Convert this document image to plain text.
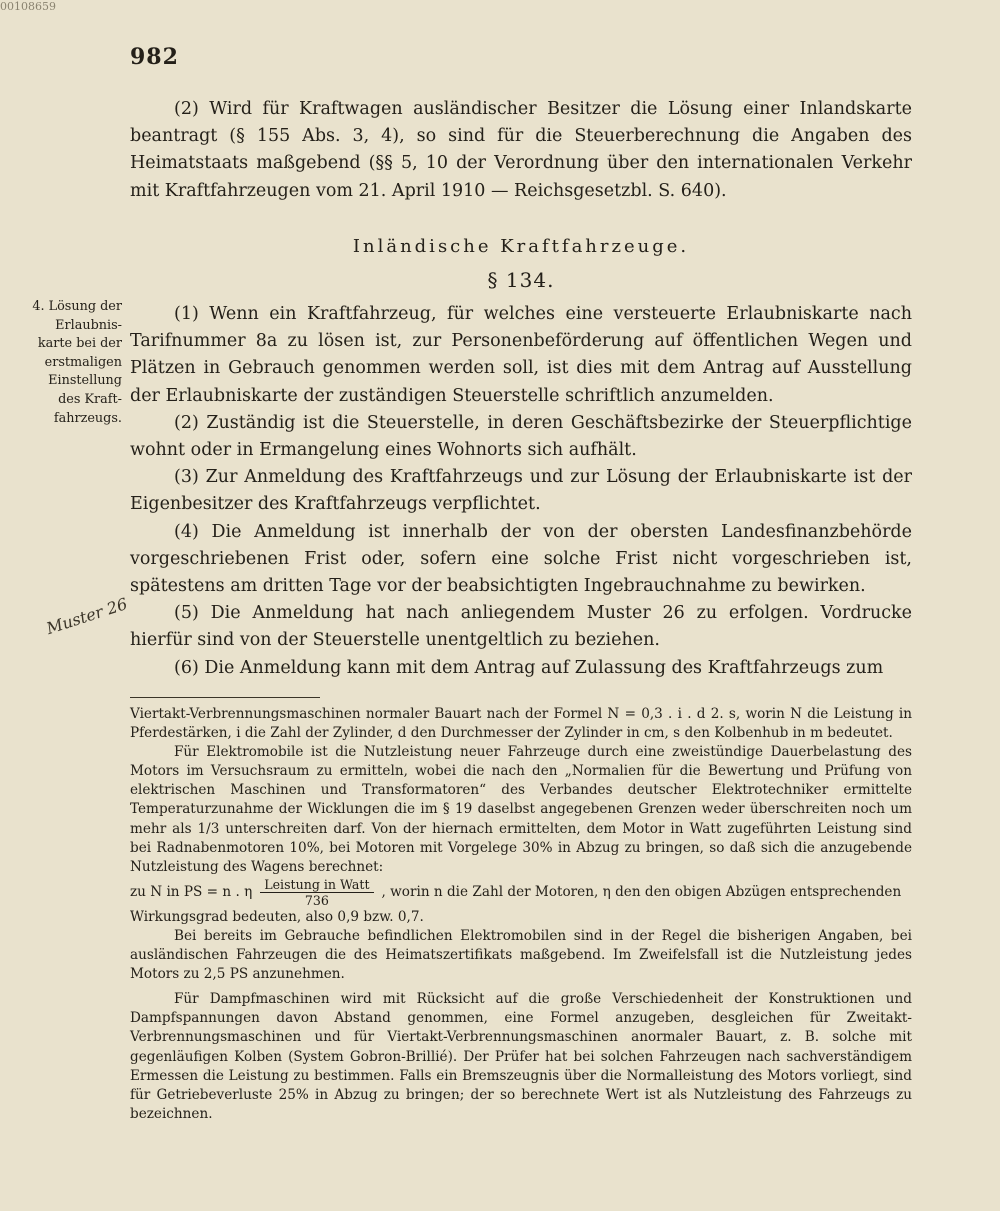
00108659
982

(2) Wird für Kraftwagen ausländischer Besitzer die Lösung einer Inlandskarte beantragt (§ 155 Abs. 3, 4), so sind für die Steuerberechnung die Angaben des Heimatstaats maßgebend (§§ 5, 10 der Verordnung über den internationalen Verkehr mit Kraftfahrzeugen vom 21. April 1910 — Reichsgesetzbl. S. 640).

Inländische Kraftfahrzeuge.
§ 134.
4. Lösung der
Erlaubnis-
karte bei der
erstmaligen
Einstellung
des Kraft-
fahrzeugs.
Muster 26

(1) Wenn ein Kraftfahrzeug, für welches eine versteuerte Erlaubniskarte nach Tarifnummer 8a zu lösen ist, zur Personenbeförderung auf öffentlichen Wegen und Plätzen in Gebrauch genommen werden soll, ist dies mit dem Antrag auf Ausstellung der Erlaubniskarte der zuständigen Steuerstelle schriftlich anzumelden.

(2) Zuständig ist die Steuerstelle, in deren Geschäftsbezirke der Steuerpflichtige wohnt oder in Ermangelung eines Wohnorts sich aufhält.

(3) Zur Anmeldung des Kraftfahrzeugs und zur Lösung der Erlaubniskarte ist der Eigenbesitzer des Kraftfahrzeugs verpflichtet.

(4) Die Anmeldung ist innerhalb der von der obersten Landesfinanzbehörde vorgeschriebenen Frist oder, sofern eine solche Frist nicht vorgeschrieben ist, spätestens am dritten Tage vor der beabsichtigten Ingebrauchnahme zu bewirken.

(5) Die Anmeldung hat nach anliegendem Muster 26 zu erfolgen. Vordrucke hierfür sind von der Steuerstelle unentgeltlich zu beziehen.

(6) Die Anmeldung kann mit dem Antrag auf Zulassung des Kraftfahrzeugs zum

Viertakt-Verbrennungsmaschinen normaler Bauart nach der Formel N = 0,3 . i . d 2. s, worin N die Leistung in Pferdestärken, i die Zahl der Zylinder, d den Durchmesser der Zylinder in cm, s den Kolbenhub in m bedeutet.

Für Elektromobile ist die Nutzleistung neuer Fahrzeuge durch eine zweistündige Dauerbelastung des Motors im Versuchsraum zu ermitteln, wobei die nach den „Normalien für die Bewertung und Prüfung von elektrischen Maschinen und Transformatoren“ des Verbandes deutscher Elektrotechniker ermittelte Temperaturzunahme der Wicklungen die im § 19 daselbst angegebenen Grenzen weder überschreiten noch um mehr als 1/3 unterschreiten darf. Von der hiernach ermittelten, dem Motor in Watt zugeführten Leistung sind bei Radnabenmotoren 10%, bei Motoren mit Vorgelege 30% in Abzug zu bringen, so daß sich die anzugebende Nutzleistung des Wagens berechnet:

zu N in PS = n . η $\frac{\text{Leistung in Watt}}{736}$ , worin n die Zahl der Motoren, η den den obigen Abzügen entsprechenden

Wirkungsgrad bedeuten, also 0,9 bzw. 0,7.

Bei bereits im Gebrauche befindlichen Elektromobilen sind in der Regel die bisherigen Angaben, bei ausländischen Fahrzeugen die des Heimatszertifikats maßgebend. Im Zweifelsfall ist die Nutzleistung jedes Motors zu 2,5 PS anzunehmen.

Für Dampfmaschinen wird mit Rücksicht auf die große Verschiedenheit der Konstruktionen und Dampfspannungen davon Abstand genommen, eine Formel anzugeben, desgleichen für Zweitakt-Verbrennungsmaschinen und für Viertakt-Verbrennungsmaschinen anormaler Bauart, z. B. solche mit gegenläufigen Kolben (System Gobron-Brillié). Der Prüfer hat bei solchen Fahrzeugen nach sachverständigem Ermessen die Leistung zu bestimmen. Falls ein Bremszeugnis über die Normalleistung des Motors vorliegt, sind für Getriebeverluste 25% in Abzug zu bringen; der so berechnete Wert ist als Nutzleistung des Fahrzeugs zu bezeichnen.
